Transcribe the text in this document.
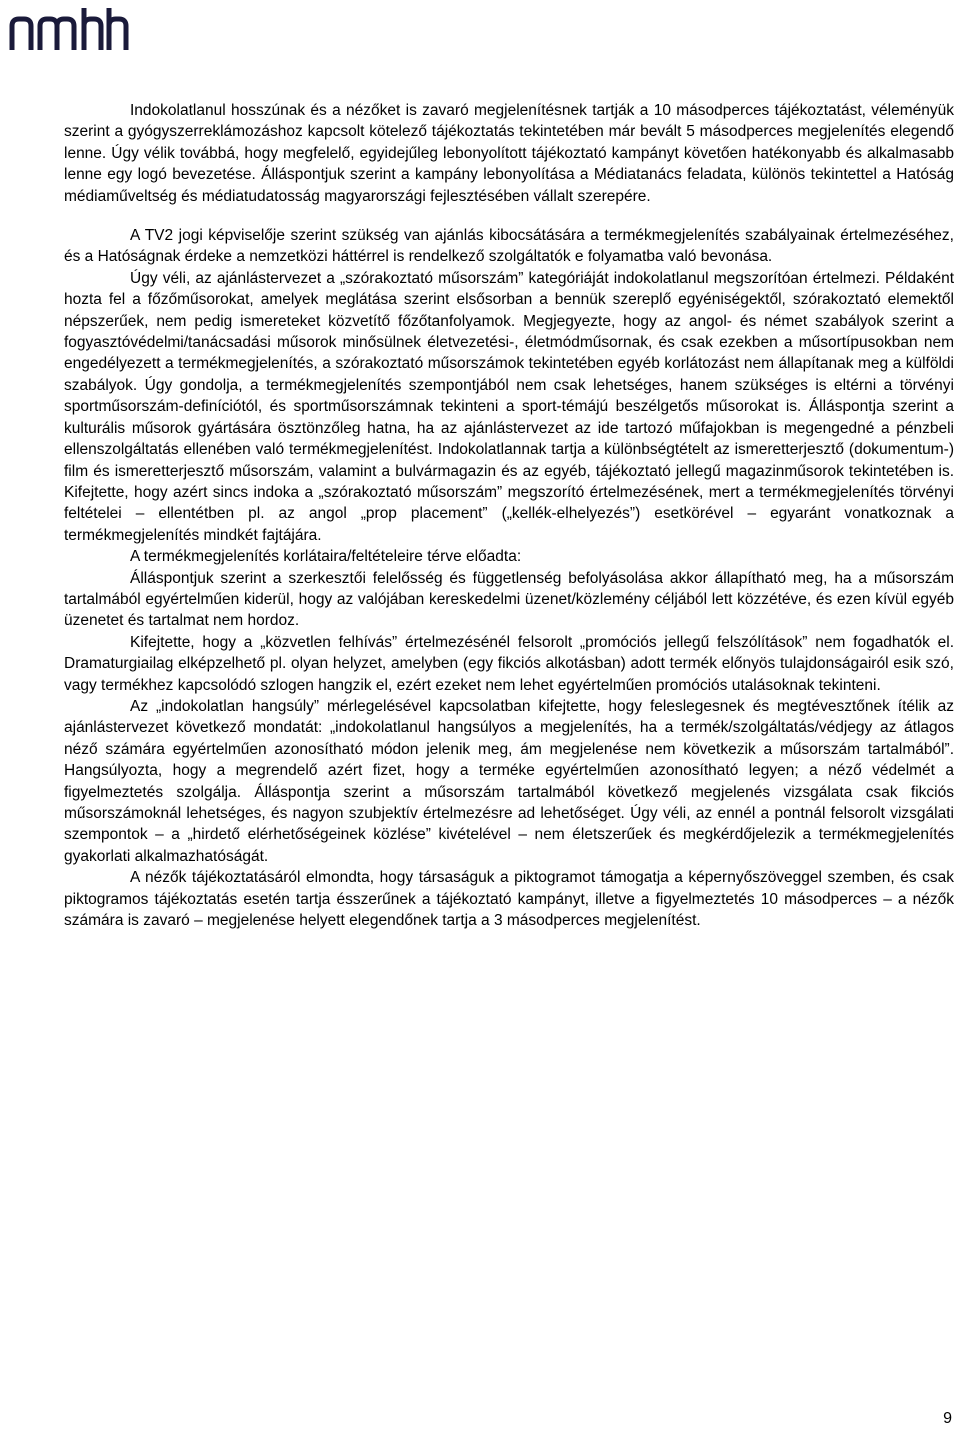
Indokolatlanul hosszúnak és a nézőket is zavaró megjelenítésnek tartják a 10 másodperces tájékoztatást, véleményük szerint a gyógyszerreklámozáshoz kapcsolt kötelező tájékoztatás tekintetében már bevált 5 másodperces megjelenítés elegendő lenne. Úgy vélik továbbá, hogy megfelelő, egyidejűleg lebonyolított tájékoztató kampányt követően hatékonyabb és alkalmasabb lenne egy logó bevezetése. Álláspontjuk szerint a kampány lebonyolítása a Médiatanács feladata, különös tekintettel a Hatóság médiaműveltség és médiatudatosság magyarországi fejlesztésében vállalt szerepére.

A TV2 jogi képviselője szerint szükség van ajánlás kibocsátására a termékmegjelenítés szabályainak értelmezéséhez, és a Hatóságnak érdeke a nemzetközi háttérrel is rendelkező szolgáltatók e folyamatba való bevonása.

Úgy véli, az ajánlástervezet a „szórakoztató műsorszám” kategóriáját indokolatlanul megszorítóan értelmezi. Példaként hozta fel a főzőműsorokat, amelyek meglátása szerint elsősorban a bennük szereplő egyéniségektől, szórakoztató elemektől népszerűek, nem pedig ismereteket közvetítő főzőtanfolyamok. Megjegyezte, hogy az angol- és német szabályok szerint a fogyasztóvédelmi/tanácsadási műsorok minősülnek életvezetési-, életmódműsornak, és csak ezekben a műsortípusokban nem engedélyezett a termékmegjelenítés, a szórakoztató műsorszámok tekintetében egyéb korlátozást nem állapítanak meg a külföldi szabályok. Úgy gondolja, a termékmegjelenítés szempontjából nem csak lehetséges, hanem szükséges is eltérni a törvényi sportműsorszám-definíciótól, és sportműsorszámnak tekinteni a sport-témájú beszélgetős műsorokat is. Álláspontja szerint a kulturális műsorok gyártására ösztönzőleg hatna, ha az ajánlástervezet az ide tartozó műfajokban is megengedné a pénzbeli ellenszolgáltatás ellenében való termékmegjelenítést. Indokolatlannak tartja a különbségtételt az ismeretterjesztő (dokumentum-) film és ismeretterjesztő műsorszám, valamint a bulvármagazin és az egyéb, tájékoztató jellegű magazinműsorok tekintetében is. Kifejtette, hogy azért sincs indoka a „szórakoztató műsorszám” megszorító értelmezésének, mert a termékmegjelenítés törvényi feltételei – ellentétben pl. az angol „prop placement” („kellék-elhelyezés”) esetkörével – egyaránt vonatkoznak a termékmegjelenítés mindkét fajtájára.

A termékmegjelenítés korlátaira/feltételeire térve előadta:

Álláspontjuk szerint a szerkesztői felelősség és függetlenség befolyásolása akkor állapítható meg, ha a műsorszám tartalmából egyértelműen kiderül, hogy az valójában kereskedelmi üzenet/közlemény céljából lett közzétéve, és ezen kívül egyéb üzenetet és tartalmat nem hordoz.

Kifejtette, hogy a „közvetlen felhívás” értelmezésénél felsorolt „promóciós jellegű felszólítások” nem fogadhatók el. Dramaturgiailag elképzelhető pl. olyan helyzet, amelyben (egy fikciós alkotásban) adott termék előnyös tulajdonságairól esik szó, vagy termékhez kapcsolódó szlogen hangzik el, ezért ezeket nem lehet egyértelműen promóciós utalásoknak tekinteni.

Az „indokolatlan hangsúly” mérlegelésével kapcsolatban kifejtette, hogy feleslegesnek és megtévesztőnek ítélik az ajánlástervezet következő mondatát: „indokolatlanul hangsúlyos a megjelenítés, ha a termék/szolgáltatás/védjegy az átlagos néző számára egyértelműen azonosítható módon jelenik meg, ám megjelenése nem következik a műsorszám tartalmából”. Hangsúlyozta, hogy a megrendelő azért fizet, hogy a terméke egyértelműen azonosítható legyen; a néző védelmét a figyelmeztetés szolgálja. Álláspontja szerint a műsorszám tartalmából következő megjelenés vizsgálata csak fikciós műsorszámoknál lehetséges, és nagyon szubjektív értelmezésre ad lehetőséget. Úgy véli, az ennél a pontnál felsorolt vizsgálati szempontok – a „hirdető elérhetőségeinek közlése” kivételével – nem életszerűek és megkérdőjelezik a termékmegjelenítés gyakorlati alkalmazhatóságát.

A nézők tájékoztatásáról elmondta, hogy társaságuk a piktogramot támogatja a képernyőszöveggel szemben, és csak piktogramos tájékoztatás esetén tartja ésszerűnek a tájékoztató kampányt, illetve a figyelmeztetés 10 másodperces – a nézők számára is zavaró – megjelenése helyett elegendőnek tartja a 3 másodperces megjelenítést.

9
